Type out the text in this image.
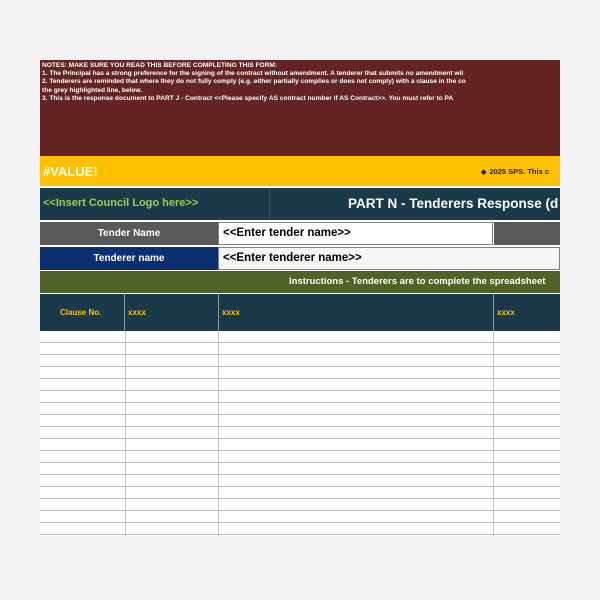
NOTES: MAKE SURE YOU READ THIS BEFORE COMPLETING THIS FORM:
1. The Principal has a strong preference for the signing of the contract without amendment. A tenderer that submits no amendment wil
2. Tenderers are reminded that where they do not fully comply (e.g. either partially complies or does not comply) with a clause in the co
the grey highlighted line, below.
3. This is the response document to PART J - Contract <<Please specify AS contract number if AS Contract>>. You must refer to PA
#VALUE!	◆ 2025 SPS. This c
<<Insert Council Logo here>>	PART N - Tenderers Response (d
Tender Name	<<Enter tender name>>
Tenderer name	<<Enter tenderer name>>
Instructions - Tenderers are to complete the spreadsheet
Clause No.	xxxx	xxxx	xxxx
